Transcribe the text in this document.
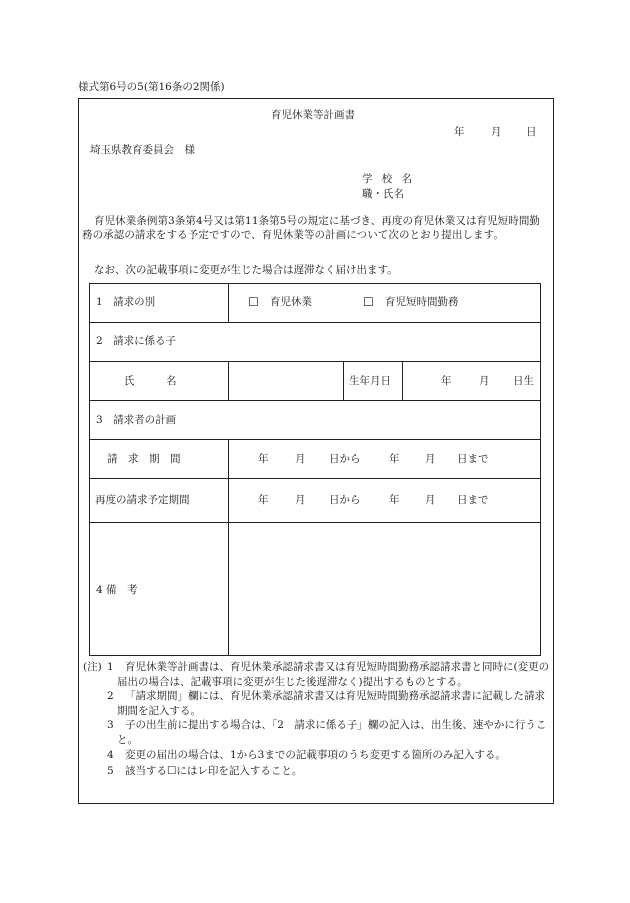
様式第6号の5(第16条の2関係)
育児休業等計画書
年	月 日
埼玉県教育委員会　様
学 校 名
職・氏名
育児休業条例第3条第4号又は第11条第5号の規定に基づき、再度の育児休業又は育児短時間勤務の承認の請求をする予定ですので、育児休業等の計画について次のとおり提出します。
なお、次の記載事項に変更が生じた場合は遅滞なく届け出ます。
1　請求の別	☐ 育児休業	☐ 育児短時間勤務
2　請求に係る子
氏　　　名	生年月日	年	月 日生
3　請求者の計画
請　求　期　間	年	月 日から	年 月 日まで
再度の請求予定期間	年	月 日から	年 月 日まで
4 備　考
(注) 1	育児休業等計画書は、育児休業承認請求書又は育児短時間勤務承認請求書と同時に(変更の届出の場合は、記載事項に変更が生じた後遅滞なく)提出するものとする。
2	「請求期間」欄には、育児休業承認請求書又は育児短時間勤務承認請求書に記載した請求期間を記入する。
3	子の出生前に提出する場合は、「2　請求に係る子」欄の記入は、出生後、速やかに行うこと。
4	変更の届出の場合は、1から3までの記載事項のうち変更する箇所のみ記入する。
5	該当する☐にはレ印を記入すること。
